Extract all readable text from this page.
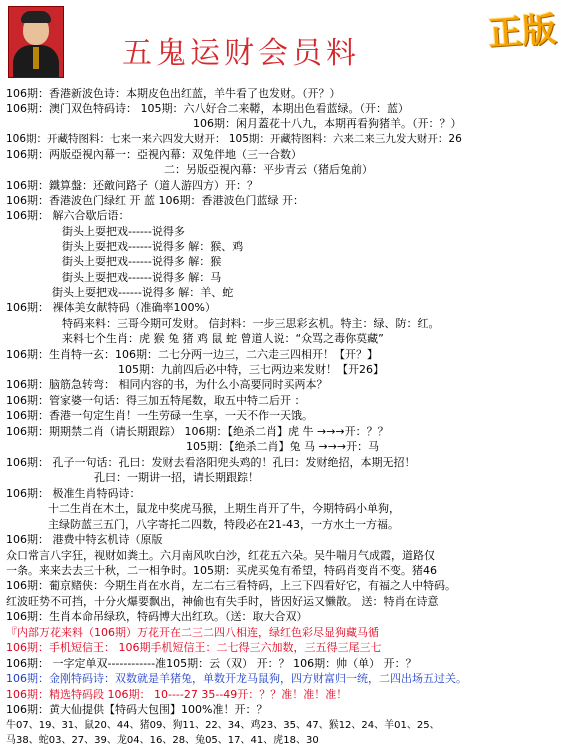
五鬼运财会员料	正版
106期：香港新波色诗：本期皮色出红蓝，羊牛看了也发财。（开？）
106期：澳门双色特码诗： 105期：六八好合二来鞯，本期出色看蓝绿。（开：蓝）
106期：闲月蓋花十八九，本期再看狗猪羊。（开：？）
106期：开藏特图料：七来一来六四发大财开： 105期：开藏特图料：六来二来三九发大财开：26
106期：两版亞視內幕一：亞視內幕：双兔伴地（三一合数）
二：另版亞視內幕：平步青云（猪后兔前）
106期：鐵算盤：还敵问路子（道人游四方）开：？
106期：香港波色门绿红 开 蓝 106期：香港波色门蓝绿 开：
106期： 解六合歇后语：
街头上耍把戏------说得多
街头上耍把戏------说得多 解：猴、鸡
街头上耍把戏------说得多 解：猴
街头上耍把戏------说得多 解：马
街头上耍把戏------说得多 解：羊、蛇
106期： 裸体美女献特码（准确率100%）
特码来料：三哥今期可发财。 信封料：一步三思彩玄机。特主：绿、防：红。
来料七个生肖：虎 猴 兔 猪 鸡 鼠 蛇 曾道人说：“众骂之毒你莫藏”
106期：生肖特一玄：106期：二七分两一边三，二六走三四相开！【开？】
105期：九前四后必中特，三七两边来发财！【开26】
106期：脑筋急转弯： 相同内容的书，为什么小高要同时买两本？
106期：管家婆一句话：得三加五特尾数，取五中特二后开 ：
106期：香港一句定生肖！一生劳碌一生享，一天不作一天饿。
106期：期期禁二肖（请长期跟踪） 106期：【绝杀二肖】虎 牛 →→→开：？？
105期：【绝杀二肖】兔 马 →→→开：马
106期： 孔子一句话：孔曰：发财去看洛阳兜头鸡的！孔曰：发财绝招，本期无招！
孔曰：一期讲一招，请长期跟踪！
106期： 极准生肖特码诗：
十二生肖在木土，鼠龙中奖虎马猴，上期生肖开了牛，今期特码小单狗，
主绿防蓝三五门，八字寄托二四数，特段必在21-43，一方水土一方福。
106期： 港费中特玄机诗（原版
众口常言八字狂，视财如粪土。六月南风吹白沙，红花五六朵。吴牛喘月气成霞，道路仅
一条。来来去去三十秋，二一相争时。105期：买虎买兔有希望，特码肖变肖不变。猪46
106期：葡京赌侠：今期生肖在水肖，左二右三看特码，上三下四看好它，有福之人中特码。
红波旺势不可挡，十分火爆要飘出，神偷也有失手时，皆因好运又懒散。 送：特肖在诗意
106期：生肖本命吊绿玖，特码博大出红玖。（送：取大合双）
『内部万花来料（106期）万花开在二三二四八相连，绿红色彩尽显狗藏马循
106期：手机短信王： 106期手机短信王：二七得三六加数，三五得三尾三七
106期： 一字定单双------------准105期：云（双） 开：？ 106期：帅（单） 开：？
106期：金刚特码诗：双数就是羊猪兔，单数开龙马鼠狗，四方财富归一统，二四出场五过关。
106期：精选特码段 106期： 10----27 35--49开：？？准！准！准！
106期：黄大仙提供【特码大包围】100%准！开：？
牛07、19、31、鼠20、44、猪09、狗11、22、34、鸡23、35、47、猴12、24、羊01、25、
马38、蛇03、27、39、龙04、16、28、兔05、17、41、虎18、30
